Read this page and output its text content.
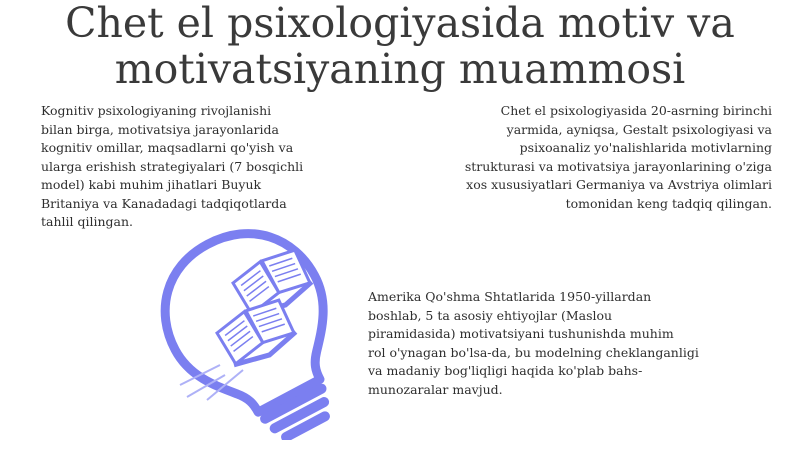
Chet el psixologiyasida motiv va
motivatsiyaning muammosi
Kognitiv psixologiyaning rivojlanishi
bilan birga, motivatsiya jarayonlarida
kognitiv omillar, maqsadlarni qo'yish va
ularga erishish strategiyalari (7 bosqichli
model) kabi muhim jihatlari Buyuk
Britaniya va Kanadadagi tadqiqotlarda
tahlil qilingan.
Chet el psixologiyasida 20-asrning birinchi
yarmida, ayniqsa, Gestalt psixologiyasi va
psixoanaliz yo'nalishlarida motivlarning
strukturasi va motivatsiya jarayonlarining o'ziga
xos xususiyatlari Germaniya va Avstriya olimlari
tomonidan keng tadqiq qilingan.
Amerika Qo'shma Shtatlarida 1950-yillardan
boshlab, 5 ta asosiy ehtiyojlar (Maslou
piramidasida) motivatsiyani tushunishda muhim
rol o'ynagan bo'lsa-da, bu modelning cheklanganligi
va madaniy bog'liqligi haqida ko'plab bahs-
munozaralar mavjud.
